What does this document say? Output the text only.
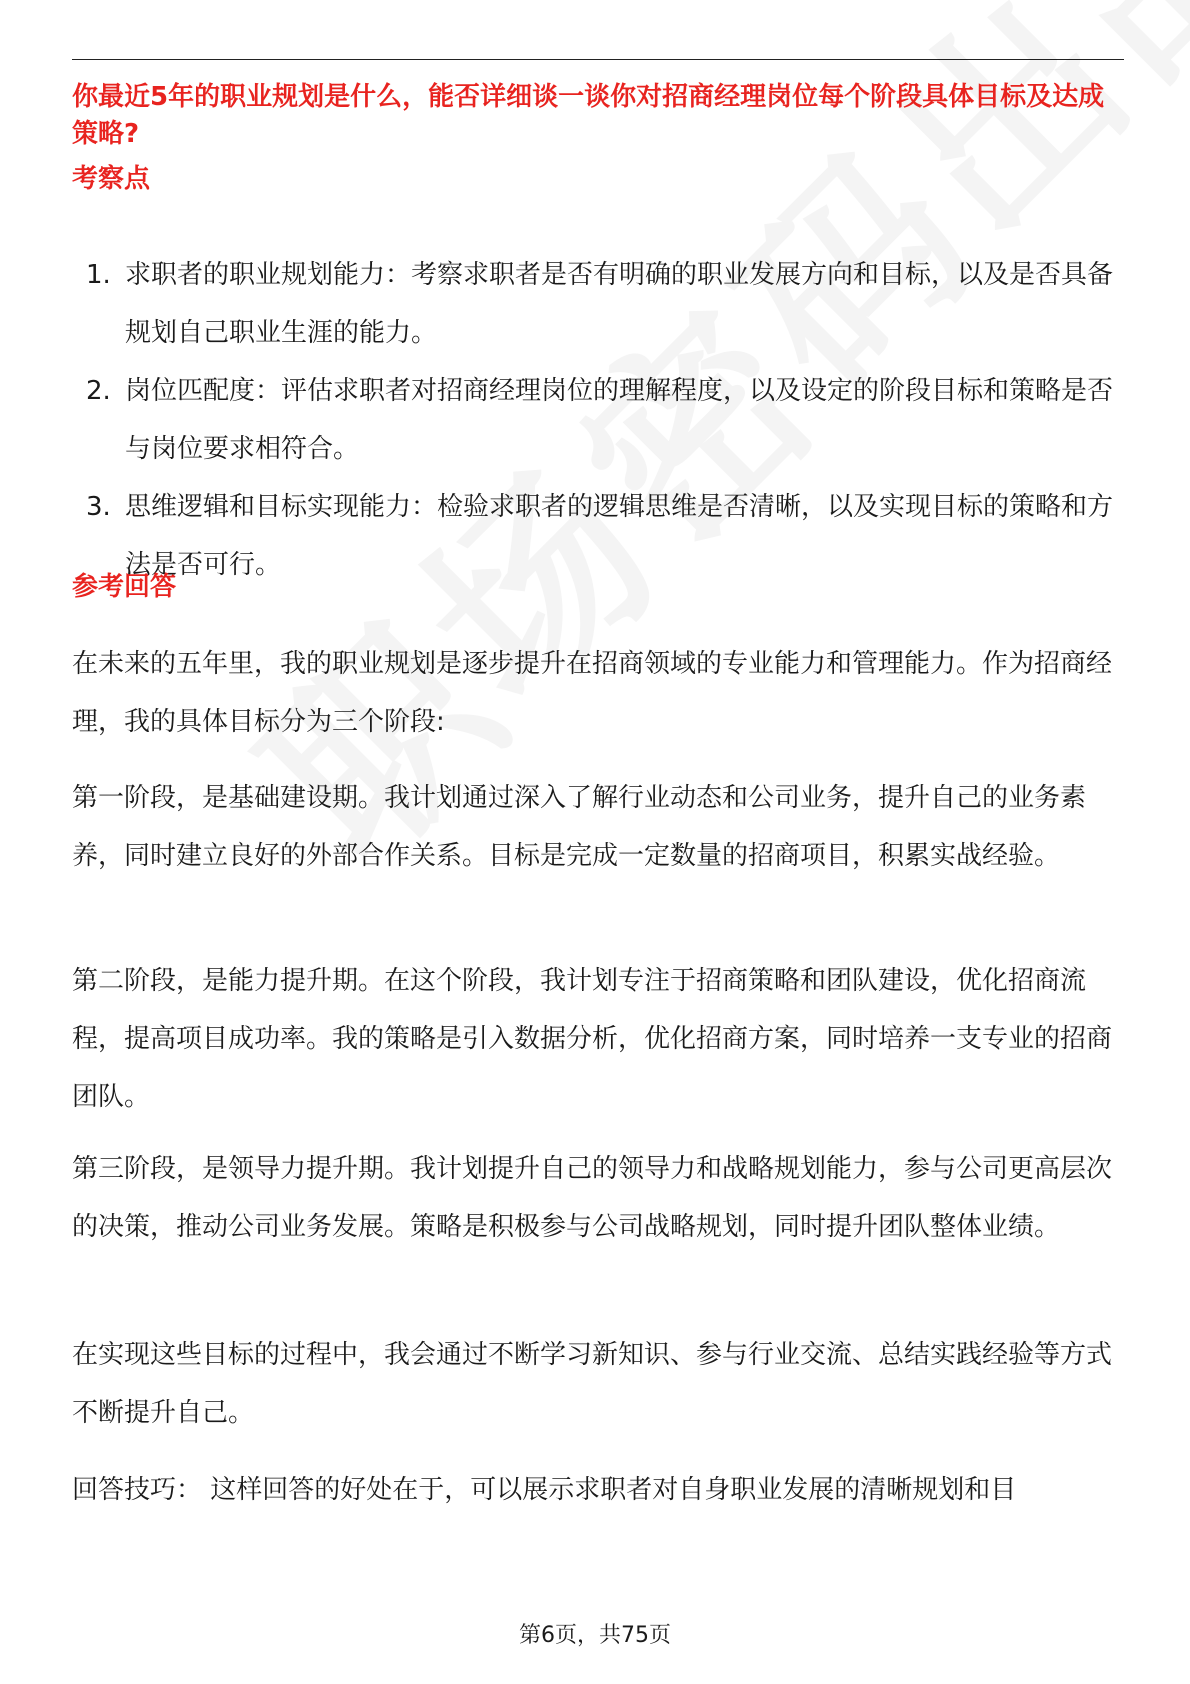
你最近5年的职业规划是什么，能否详细谈一谈你对招商经理岗位每个阶段具体目标及达成策略?

考察点

1. 求职者的职业规划能力：考察求职者是否有明确的职业发展方向和目标，以及是否具备规划自己职业生涯的能力。
2. 岗位匹配度：评估求职者对招商经理岗位的理解程度，以及设定的阶段目标和策略是否与岗位要求相符合。
3. 思维逻辑和目标实现能力：检验求职者的逻辑思维是否清晰，以及实现目标的策略和方法是否可行。

参考回答

在未来的五年里，我的职业规划是逐步提升在招商领域的专业能力和管理能力。作为招商经理，我的具体目标分为三个阶段:

第一阶段，是基础建设期。我计划通过深入了解行业动态和公司业务，提升自己的业务素养，同时建立良好的外部合作关系。目标是完成一定数量的招商项目，积累实战经验。

第二阶段，是能力提升期。在这个阶段，我计划专注于招商策略和团队建设，优化招商流程，提高项目成功率。我的策略是引入数据分析，优化招商方案，同时培养一支专业的招商团队。

第三阶段，是领导力提升期。我计划提升自己的领导力和战略规划能力，参与公司更高层次的决策，推动公司业务发展。策略是积极参与公司战略规划，同时提升团队整体业绩。

在实现这些目标的过程中，我会通过不断学习新知识、参与行业交流、总结实践经验等方式不断提升自己。

回答技巧： 这样回答的好处在于，可以展示求职者对自身职业发展的清晰规划和目

第6页，共75页
